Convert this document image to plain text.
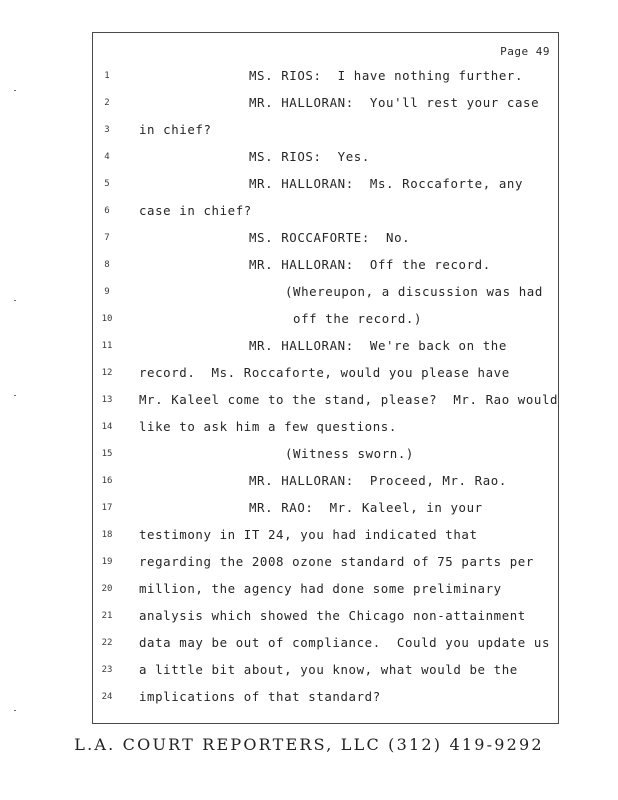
Page 49
1	MS. RIOS:  I have nothing further.
2	MR. HALLORAN:  You'll rest your case
3	in chief?
4	MS. RIOS:  Yes.
5	MR. HALLORAN:  Ms. Roccaforte, any
6	case in chief?
7	MS. ROCCAFORTE:  No.
8	MR. HALLORAN:  Off the record.
9	(Whereupon, a discussion was had
10	off the record.)
11	MR. HALLORAN:  We're back on the
12	record.  Ms. Roccaforte, would you please have
13	Mr. Kaleel come to the stand, please?  Mr. Rao would
14	like to ask him a few questions.
15	(Witness sworn.)
16	MR. HALLORAN:  Proceed, Mr. Rao.
17	MR. RAO:  Mr. Kaleel, in your
18	testimony in IT 24, you had indicated that
19	regarding the 2008 ozone standard of 75 parts per
20	million, the agency had done some preliminary
21	analysis which showed the Chicago non-attainment
22	data may be out of compliance.  Could you update us
23	a little bit about, you know, what would be the
24	implications of that standard?
L.A. COURT REPORTERS, LLC (312) 419-9292
